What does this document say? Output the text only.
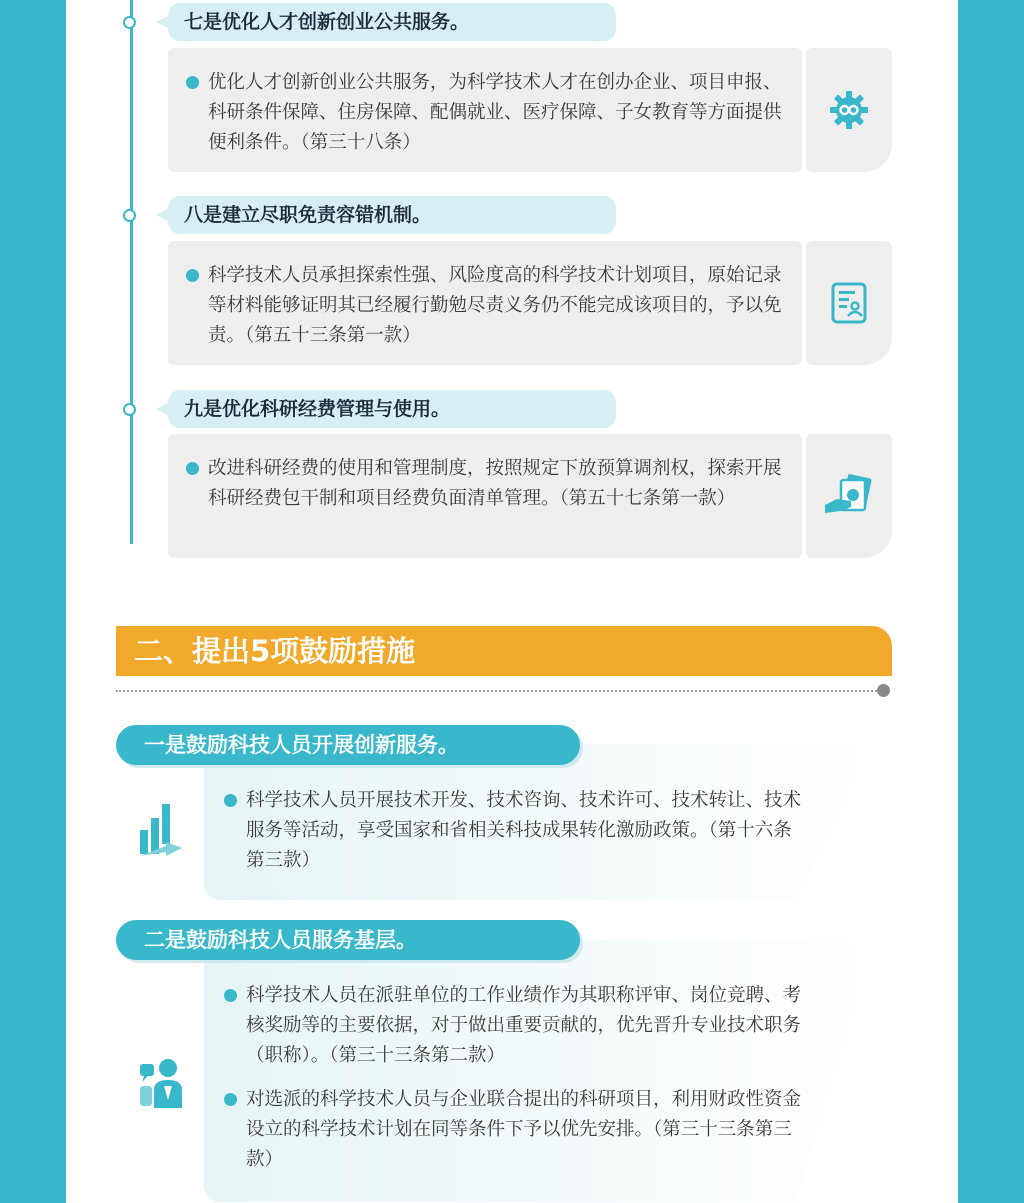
七是优化人才创新创业公共服务。
优化人才创新创业公共服务，为科学技术人才在创办企业、项目申报、科研条件保障、住房保障、配偶就业、医疗保障、子女教育等方面提供便利条件。（第三十八条）
八是建立尽职免责容错机制。
科学技术人员承担探索性强、风险度高的科学技术计划项目，原始记录等材料能够证明其已经履行勤勉尽责义务仍不能完成该项目的，予以免责。（第五十三条第一款）
九是优化科研经费管理与使用。
改进科研经费的使用和管理制度，按照规定下放预算调剂权，探索开展科研经费包干制和项目经费负面清单管理。（第五十七条第一款）
二、提出5项鼓励措施
一是鼓励科技人员开展创新服务。
科学技术人员开展技术开发、技术咨询、技术许可、技术转让、技术服务等活动，享受国家和省相关科技成果转化激励政策。（第十六条第三款）
二是鼓励科技人员服务基层。
科学技术人员在派驻单位的工作业绩作为其职称评审、岗位竞聘、考核奖励等的主要依据，对于做出重要贡献的，优先晋升专业技术职务（职称）。（第三十三条第二款）
对选派的科学技术人员与企业联合提出的科研项目，利用财政性资金设立的科学技术计划在同等条件下予以优先安排。（第三十三条第三款）
